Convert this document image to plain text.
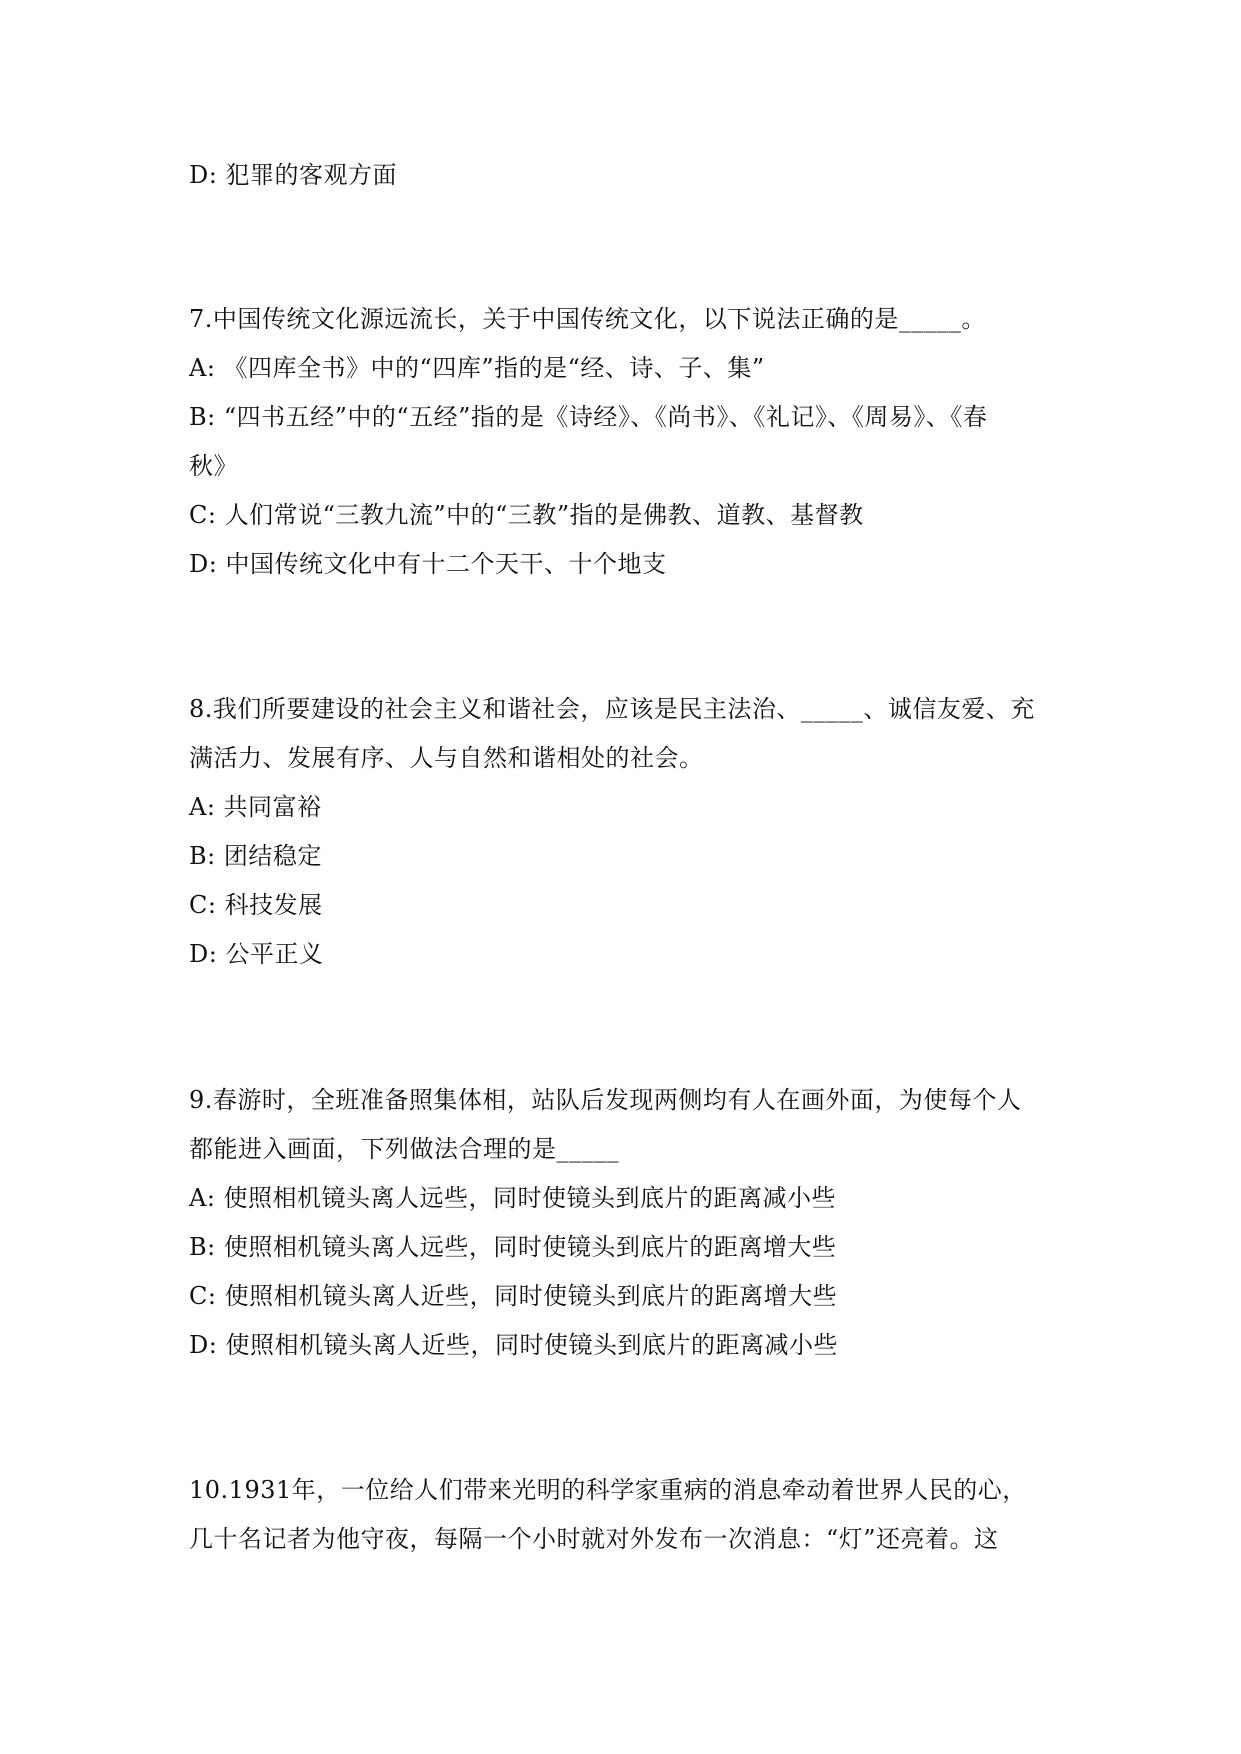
D: 犯罪的客观方面
7.中国传统文化源远流长，关于中国传统文化，以下说法正确的是_____。
A: 《四库全书》中的“四库”指的是“经、诗、子、集”
B: “四书五经”中的“五经”指的是《诗经》、《尚书》、《礼记》、《周易》、《春
秋》
C: 人们常说“三教九流”中的“三教”指的是佛教、道教、基督教
D: 中国传统文化中有十二个天干、十个地支
8.我们所要建设的社会主义和谐社会，应该是民主法治、_____、诚信友爱、充
满活力、发展有序、人与自然和谐相处的社会。
A: 共同富裕
B: 团结稳定
C: 科技发展
D: 公平正义
9.春游时，全班准备照集体相，站队后发现两侧均有人在画外面，为使每个人
都能进入画面，下列做法合理的是_____
A: 使照相机镜头离人远些，同时使镜头到底片的距离减小些
B: 使照相机镜头离人远些，同时使镜头到底片的距离增大些
C: 使照相机镜头离人近些，同时使镜头到底片的距离增大些
D: 使照相机镜头离人近些，同时使镜头到底片的距离减小些
10.1931年，一位给人们带来光明的科学家重病的消息牵动着世界人民的心，
几十名记者为他守夜，每隔一个小时就对外发布一次消息：“灯”还亮着。这
